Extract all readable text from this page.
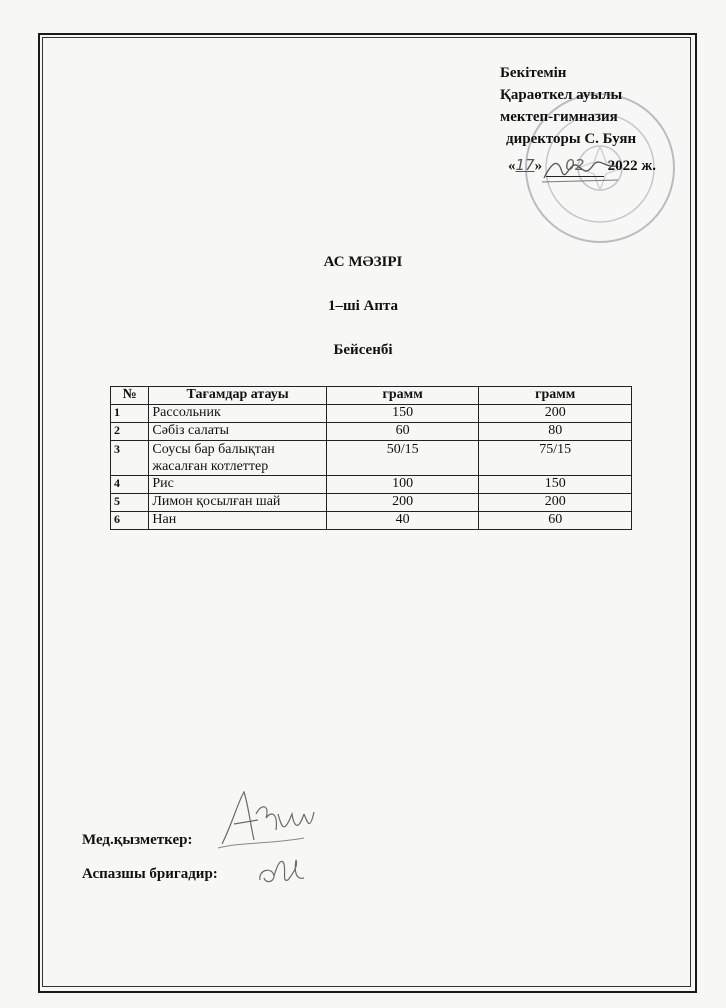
Бекітемін
Қараөткел ауылы
мектеп-гимназия
директоры С. Буян
«17» 02 2022 ж.
АС МӘЗІРІ
1–ші Апта
Бейсенбі
№	Тағамдар атауы	грамм	грамм
1	Рассольник	150	200
2	Сәбіз салаты	60	80
3	Соусы бар балықтан жасалған котлеттер	50/15	75/15
4	Рис	100	150
5	Лимон қосылған шай	200	200
6	Нан	40	60
Мед.қызметкер:
Аспазшы бригадир:
